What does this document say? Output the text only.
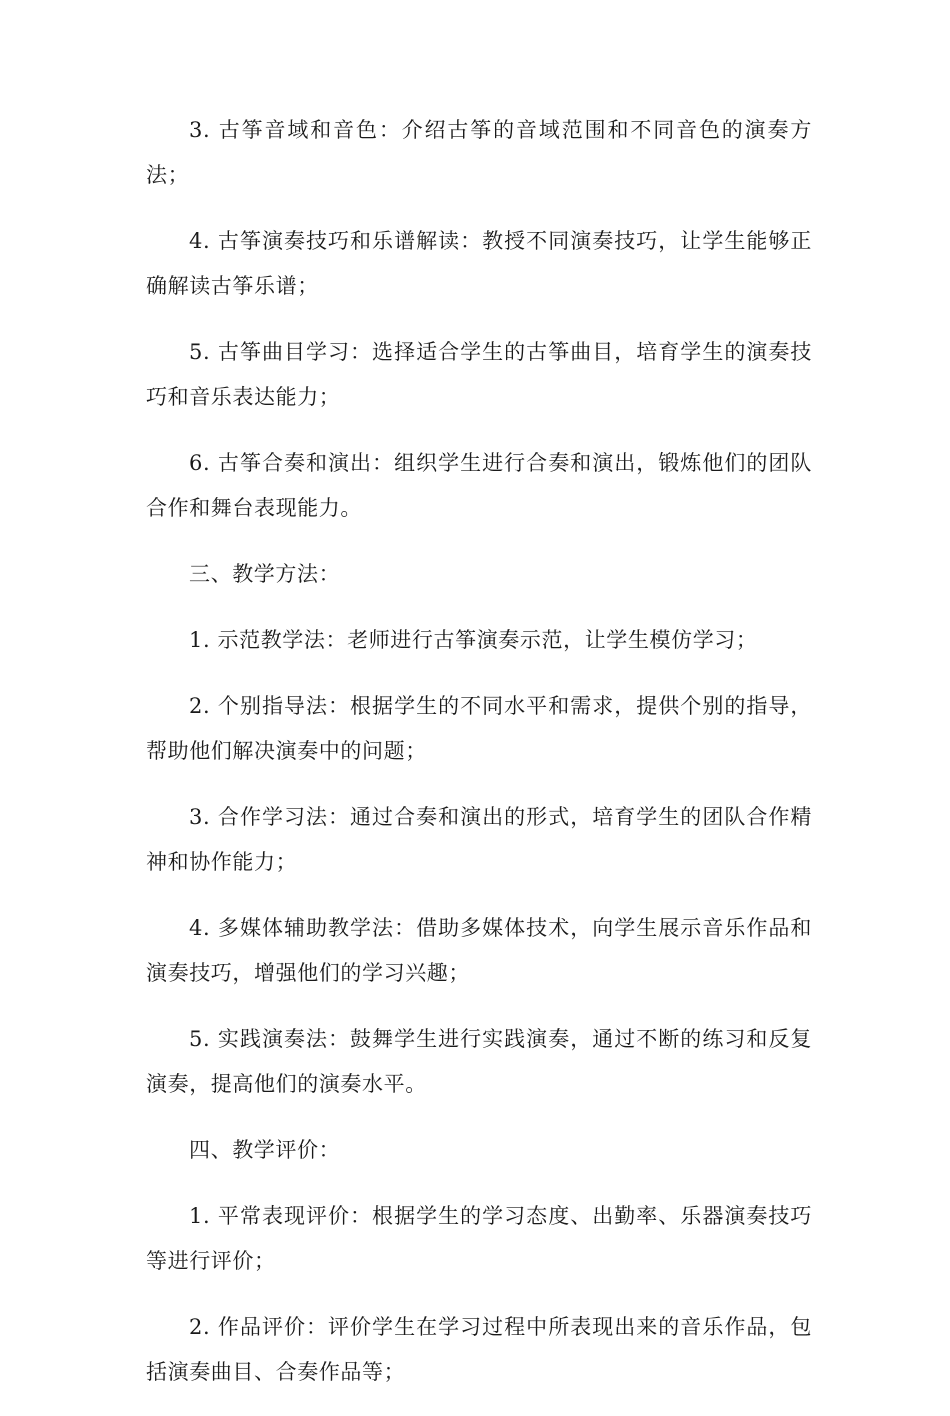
3. 古筝音域和音色：介绍古筝的音域范围和不同音色的演奏方法；

4. 古筝演奏技巧和乐谱解读：教授不同演奏技巧，让学生能够正确解读古筝乐谱；

5. 古筝曲目学习：选择适合学生的古筝曲目，培育学生的演奏技巧和音乐表达能力；

6. 古筝合奏和演出：组织学生进行合奏和演出，锻炼他们的团队合作和舞台表现能力。

三、教学方法：

1. 示范教学法：老师进行古筝演奏示范，让学生模仿学习；

2. 个别指导法：根据学生的不同水平和需求，提供个别的指导，帮助他们解决演奏中的问题；

3. 合作学习法：通过合奏和演出的形式，培育学生的团队合作精神和协作能力；

4. 多媒体辅助教学法：借助多媒体技术，向学生展示音乐作品和演奏技巧，增强他们的学习兴趣；

5. 实践演奏法：鼓舞学生进行实践演奏，通过不断的练习和反复演奏，提高他们的演奏水平。

四、教学评价：

1. 平常表现评价：根据学生的学习态度、出勤率、乐器演奏技巧等进行评价；

2. 作品评价：评价学生在学习过程中所表现出来的音乐作品，包括演奏曲目、合奏作品等；
